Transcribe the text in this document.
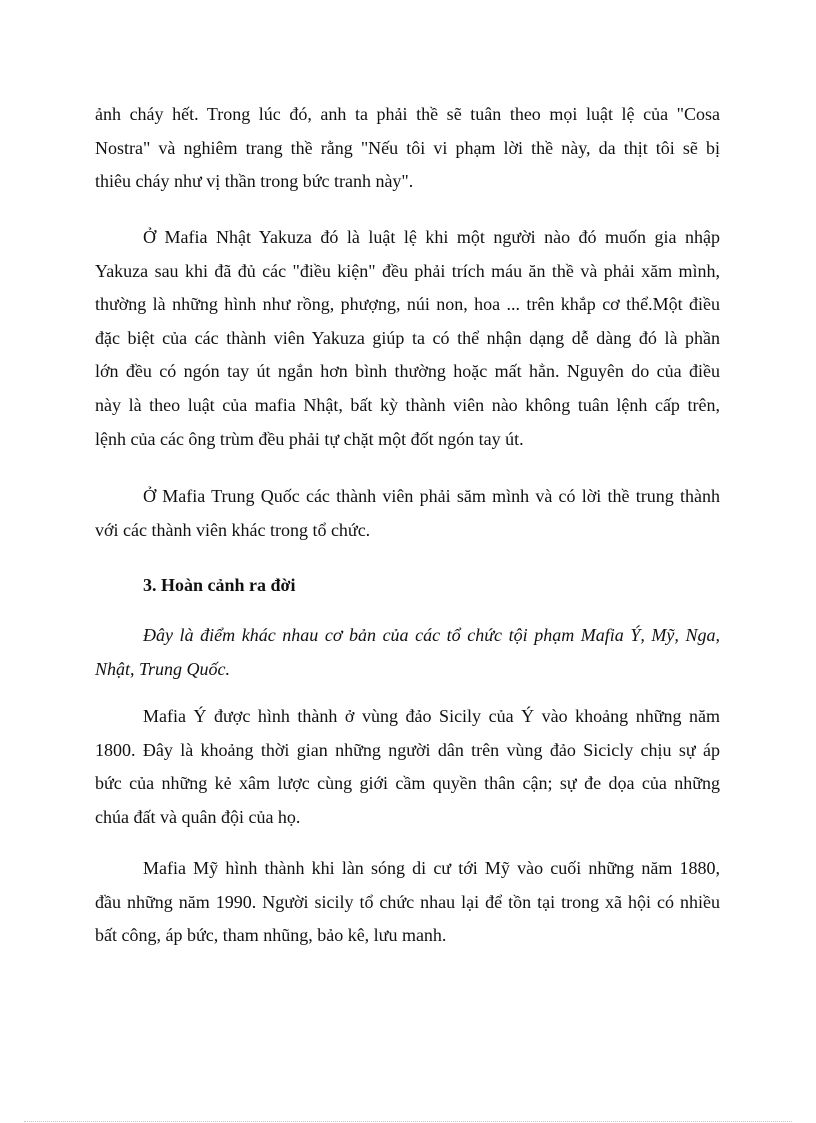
ảnh cháy hết. Trong lúc đó, anh ta phải thề sẽ tuân theo mọi luật lệ của "Cosa
Nostra" và nghiêm trang thề rằng "Nếu tôi vi phạm lời thề này, da thịt tôi sẽ bị
thiêu cháy như vị thần trong bức tranh này".
Ở Mafia Nhật Yakuza đó là luật lệ khi một người nào đó muốn gia nhập
Yakuza sau khi đã đủ các "điều kiện" đều phải trích máu ăn thề và phải xăm mình,
thường là những hình như rồng, phượng, núi non, hoa ... trên khắp cơ thể.Một điều
đặc biệt của các thành viên Yakuza giúp ta có thể nhận dạng dễ dàng đó là phần
lớn đều có ngón tay út ngắn hơn bình thường hoặc mất hẳn. Nguyên do của điều
này là theo luật của mafia Nhật, bất kỳ thành viên nào không tuân lệnh cấp trên,
lệnh của các ông trùm đều phải tự chặt một đốt ngón tay út.
Ở Mafia Trung Quốc các thành viên phải săm mình và có lời thề trung thành
với các thành viên khác trong tổ chức.
3. Hoàn cảnh ra đời
Đây là điểm khác nhau cơ bản của các tổ chức tội phạm Mafia Ý, Mỹ, Nga,
Nhật, Trung Quốc.
Mafia Ý được hình thành ở vùng đảo Sicily của Ý vào khoảng những năm
1800. Đây là khoảng thời gian những người dân trên vùng đảo Sicicly chịu sự áp
bức của những kẻ xâm lược cùng giới cầm quyền thân cận; sự đe dọa của những
chúa đất và quân đội của họ.
Mafia Mỹ hình thành khi làn sóng di cư tới Mỹ vào cuối những năm 1880,
đầu những năm 1990. Người sicily tổ chức nhau lại để tồn tại trong xã hội có nhiều
bất công, áp bức, tham nhũng, bảo kê, lưu manh.
